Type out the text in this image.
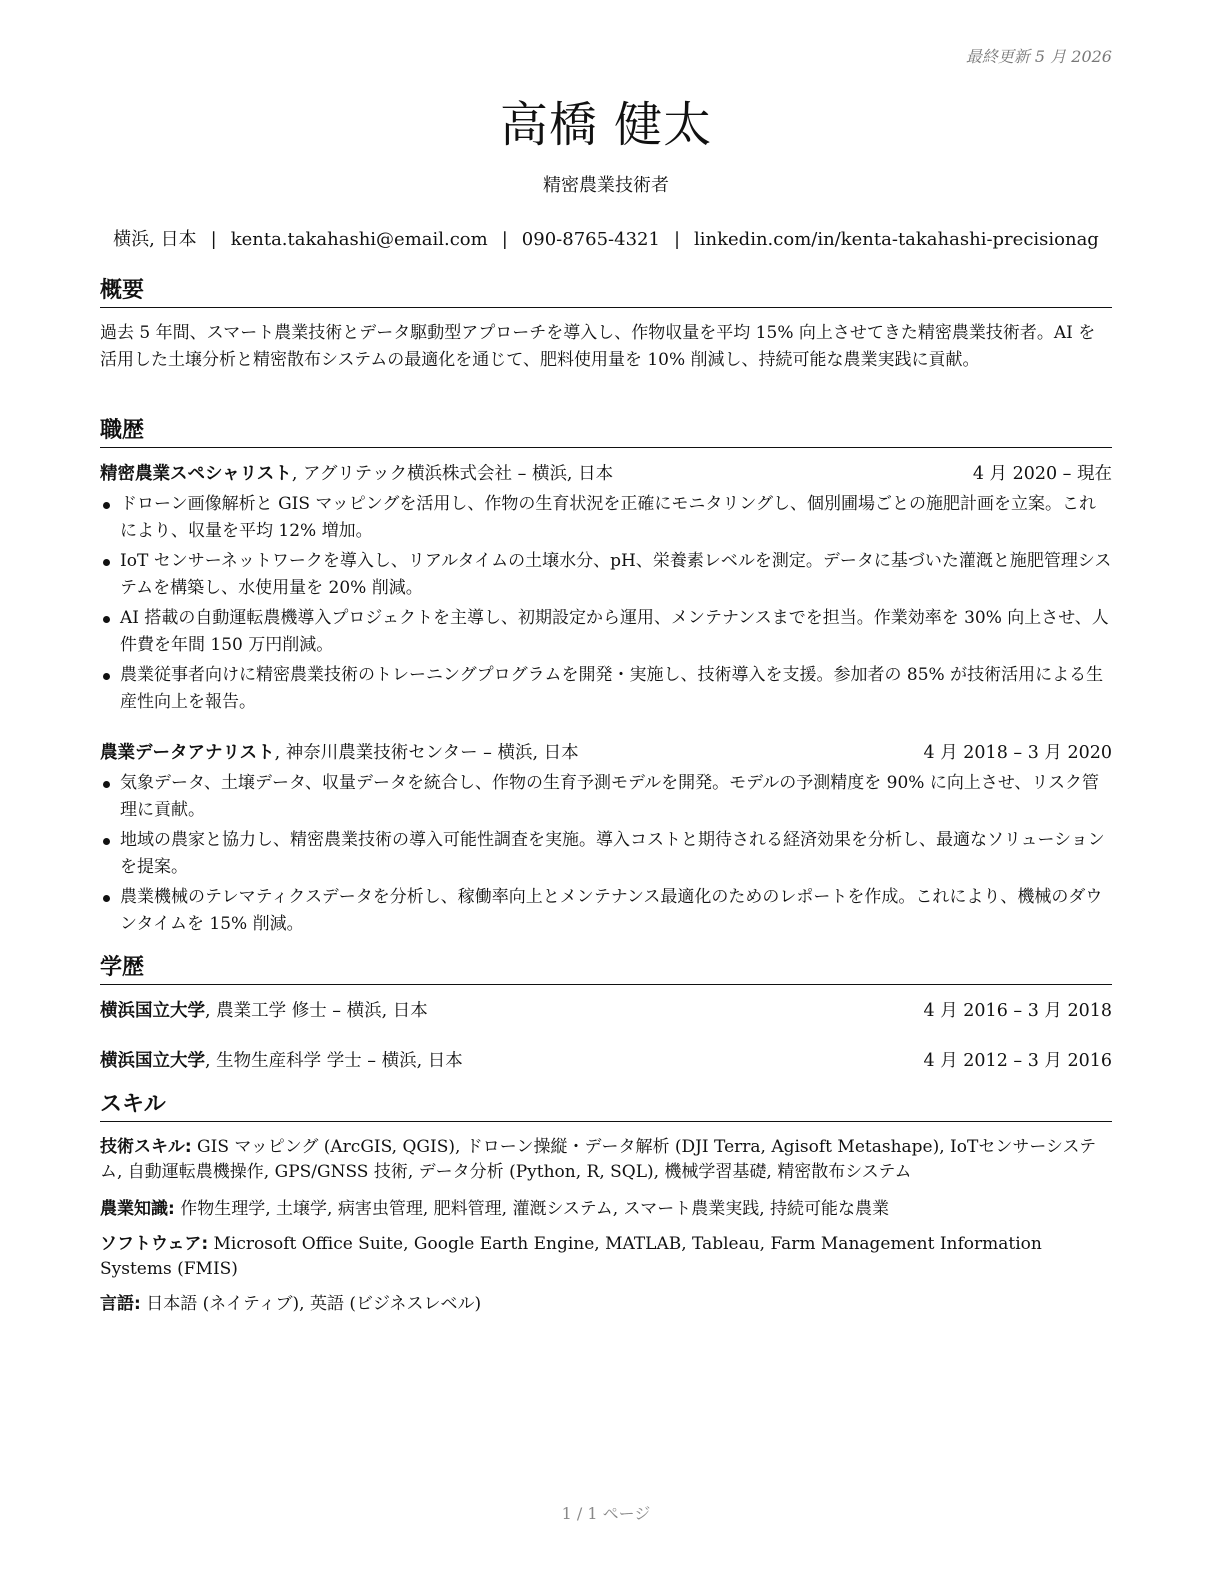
最終更新 5 月 2026
高橋 健太
精密農業技術者
横浜, 日本 | kenta.takahashi@email.com | 090-8765-4321 | linkedin.com/in/kenta-takahashi-precisionag
概要
過去 5 年間、スマート農業技術とデータ駆動型アプローチを導入し、作物収量を平均 15% 向上させてきた精密農業技術者。AI を活用した土壌分析と精密散布システムの最適化を通じて、肥料使用量を 10% 削減し、持続可能な農業実践に貢献。
職歴
精密農業スペシャリスト, アグリテック横浜株式会社 – 横浜, 日本	4 月 2020 – 現在
ドローン画像解析と GIS マッピングを活用し、作物の生育状況を正確にモニタリングし、個別圃場ごとの施肥計画を立案。これにより、収量を平均 12% 増加。
IoT センサーネットワークを導入し、リアルタイムの土壌水分、pH、栄養素レベルを測定。データに基づいた灌漑と施肥管理システムを構築し、水使用量を 20% 削減。
AI 搭載の自動運転農機導入プロジェクトを主導し、初期設定から運用、メンテナンスまでを担当。作業効率を 30% 向上させ、人件費を年間 150 万円削減。
農業従事者向けに精密農業技術のトレーニングプログラムを開発・実施し、技術導入を支援。参加者の 85% が技術活用による生産性向上を報告。
農業データアナリスト, 神奈川農業技術センター – 横浜, 日本	4 月 2018 – 3 月 2020
気象データ、土壌データ、収量データを統合し、作物の生育予測モデルを開発。モデルの予測精度を 90% に向上させ、リスク管理に貢献。
地域の農家と協力し、精密農業技術の導入可能性調査を実施。導入コストと期待される経済効果を分析し、最適なソリューションを提案。
農業機械のテレマティクスデータを分析し、稼働率向上とメンテナンス最適化のためのレポートを作成。これにより、機械のダウンタイムを 15% 削減。
学歴
横浜国立大学, 農業工学 修士 – 横浜, 日本	4 月 2016 – 3 月 2018
横浜国立大学, 生物生産科学 学士 – 横浜, 日本	4 月 2012 – 3 月 2016
スキル
技術スキル: GIS マッピング (ArcGIS, QGIS), ドローン操縦・データ解析 (DJI Terra, Agisoft Metashape), IoTセンサーシステム, 自動運転農機操作, GPS/GNSS 技術, データ分析 (Python, R, SQL), 機械学習基礎, 精密散布システム
農業知識: 作物生理学, 土壌学, 病害虫管理, 肥料管理, 灌漑システム, スマート農業実践, 持続可能な農業
ソフトウェア: Microsoft Office Suite, Google Earth Engine, MATLAB, Tableau, Farm Management Information Systems (FMIS)
言語: 日本語 (ネイティブ), 英語 (ビジネスレベル)
1 / 1 ページ
